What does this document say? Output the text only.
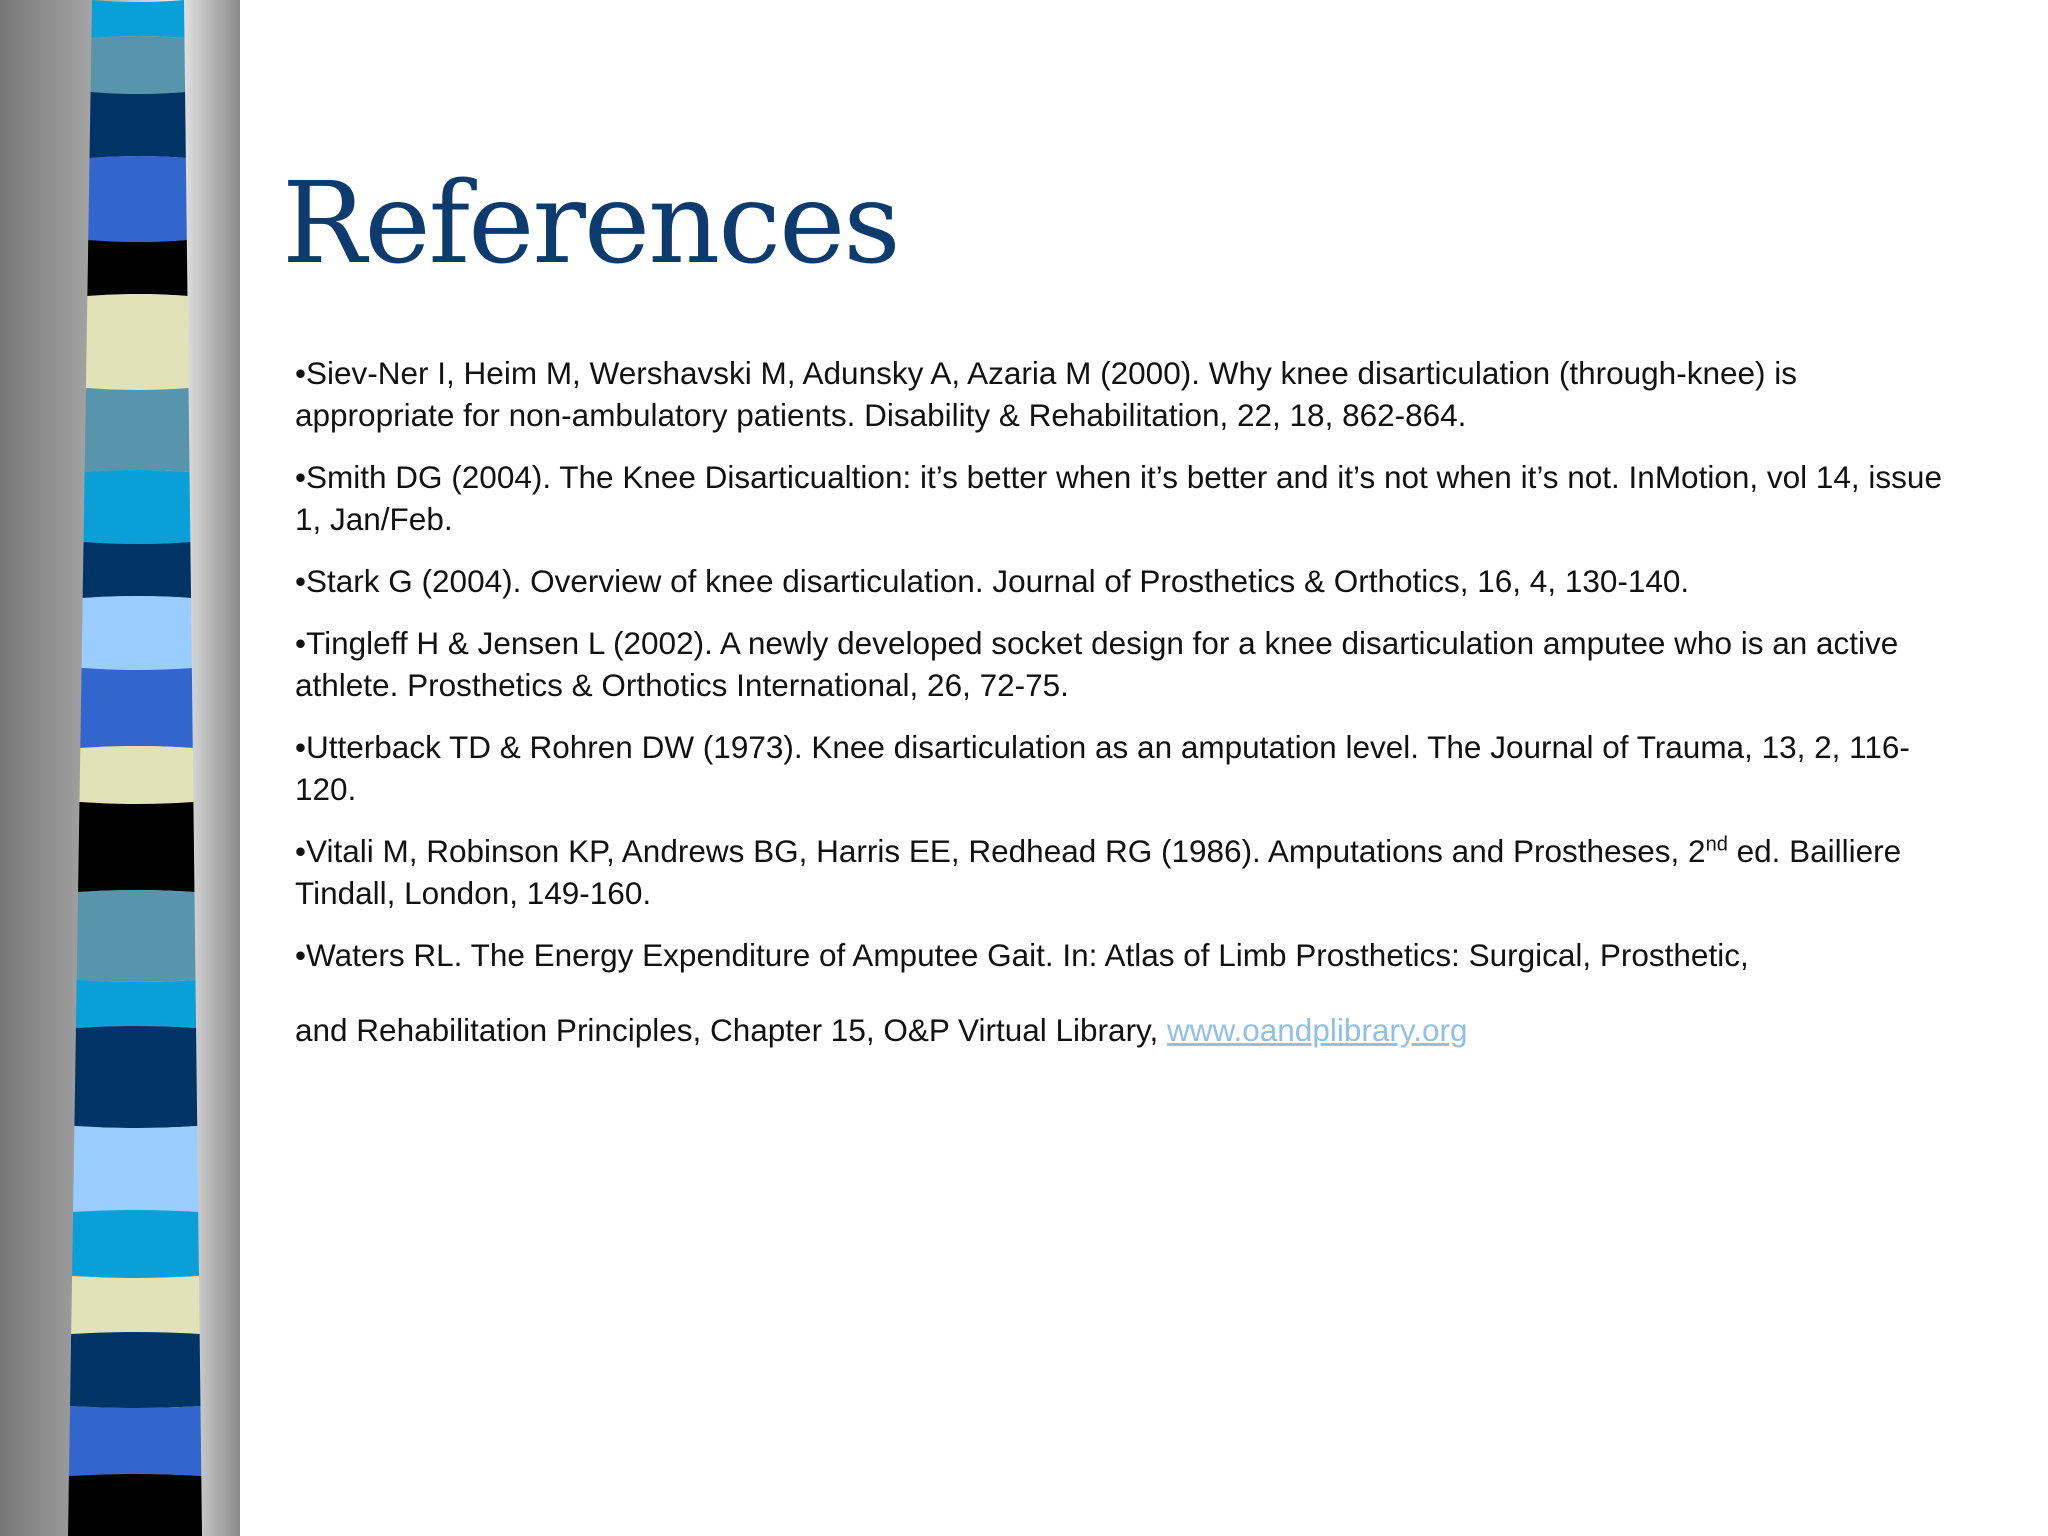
References

•Siev-Ner I, Heim M, Wershavski M, Adunsky A, Azaria M (2000). Why knee disarticulation (through-knee) is appropriate for non-ambulatory patients. Disability & Rehabilitation, 22, 18, 862-864.

•Smith DG (2004). The Knee Disarticualtion: it’s better when it’s better and it’s not when it’s not. InMotion, vol 14, issue 1, Jan/Feb.

•Stark G (2004). Overview of knee disarticulation. Journal of Prosthetics & Orthotics, 16, 4, 130-140.

•Tingleff H & Jensen L (2002). A newly developed socket design for a knee disarticulation amputee who is an active athlete. Prosthetics & Orthotics International, 26, 72-75.

•Utterback TD & Rohren DW (1973). Knee disarticulation as an amputation level. The Journal of Trauma, 13, 2, 116-120.

•Vitali M, Robinson KP, Andrews BG, Harris EE, Redhead RG (1986). Amputations and Prostheses, 2nd ed. Bailliere Tindall, London, 149-160.

•Waters RL. The Energy Expenditure of Amputee Gait. In: Atlas of Limb Prosthetics: Surgical, Prosthetic,
and Rehabilitation Principles, Chapter 15, O&P Virtual Library, www.oandplibrary.org
